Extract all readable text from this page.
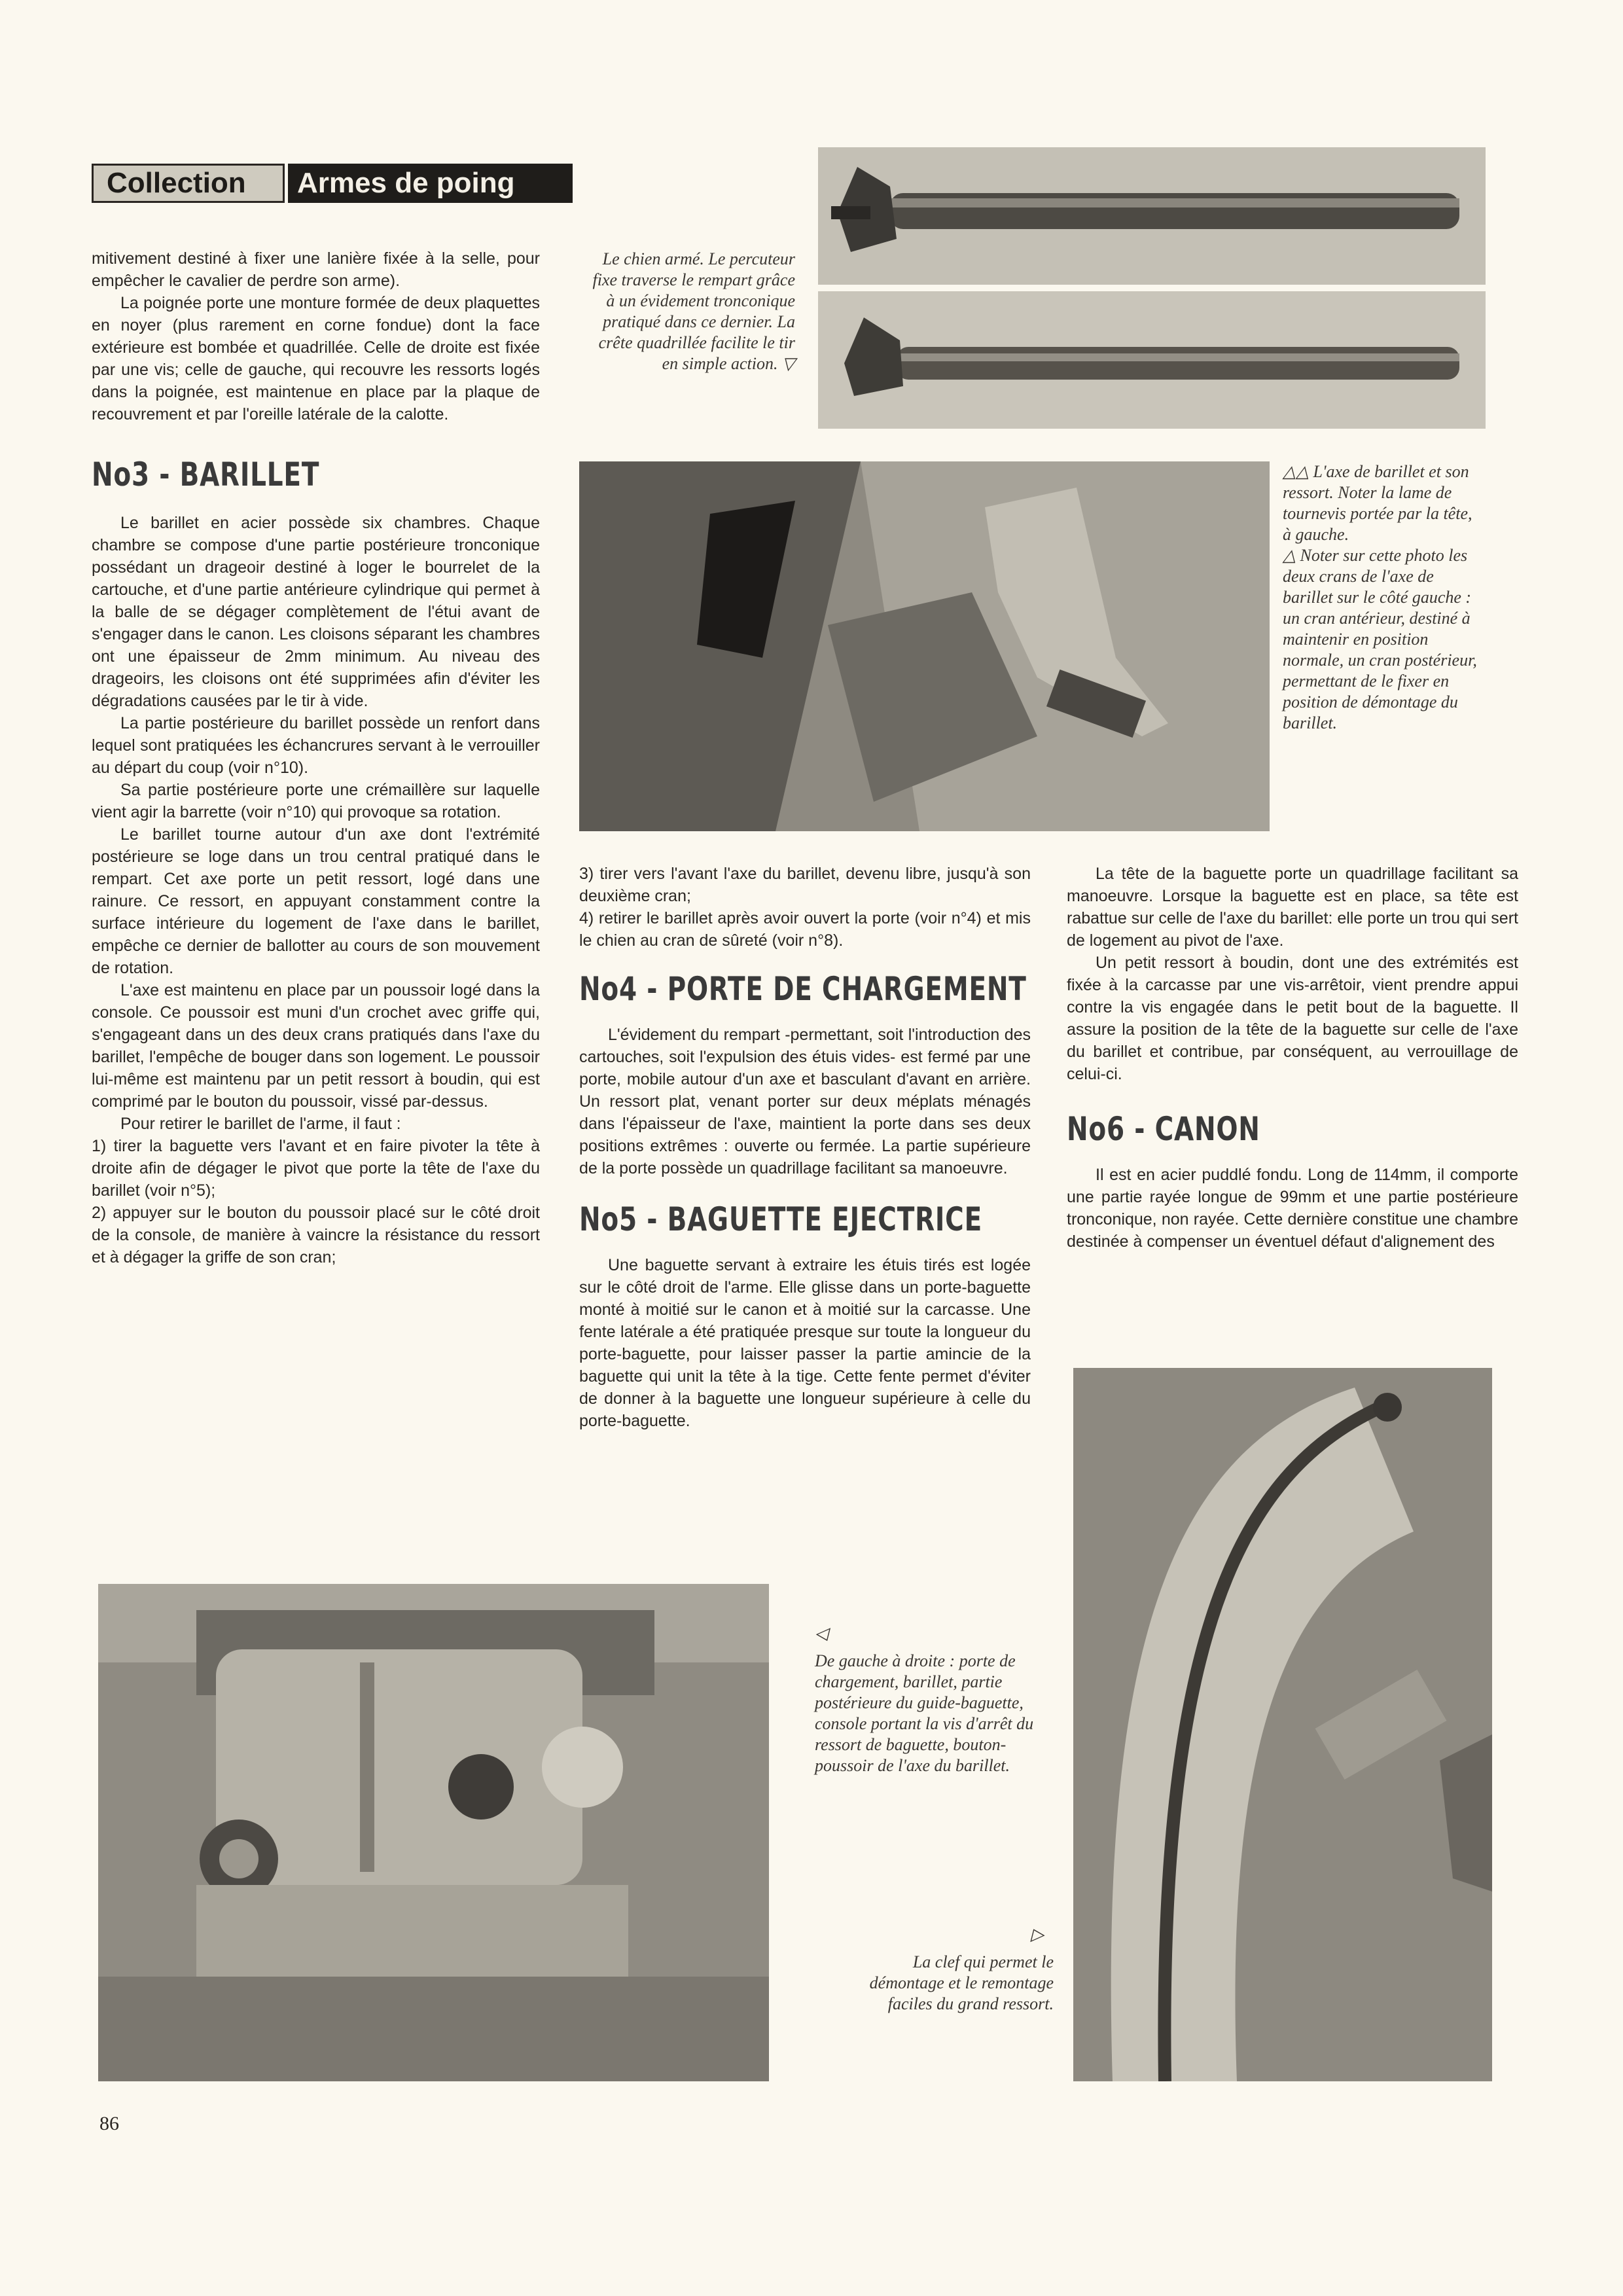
Collection	Armes de poing
△△ L'axe de barillet et son ressort. Noter la lame de tournevis portée par la tête, à gauche.
△ Noter sur cette photo les deux crans de l'axe de barillet sur le côté gauche : un cran antérieur, destiné à maintenir en position normale, un cran postérieur, permettant de le fixer en position de démontage du barillet.
Le chien armé. Le percuteur fixe traverse le rempart grâce à un évidement tronconique pratiqué dans ce dernier. La crête quadrillée facilite le tir en simple action. ▽

mitivement destiné à fixer une lanière fixée à la selle, pour empêcher le cavalier de perdre son arme).

La poignée porte une monture formée de deux plaquettes en noyer (plus rarement en corne fondue) dont la face extérieure est bombée et quadrillée. Celle de droite est fixée par une vis; celle de gauche, qui recouvre les ressorts logés dans la poignée, est maintenue en place par la plaque de recouvrement et par l'oreille latérale de la calotte.

No3 - BARILLET

Le barillet en acier possède six chambres. Chaque chambre se compose d'une partie postérieure tronconique possédant un drageoir destiné à loger le bourrelet de la cartouche, et d'une partie antérieure cylindrique qui permet à la balle de se dégager complètement de l'étui avant de s'engager dans le canon. Les cloisons séparant les chambres ont une épaisseur de 2mm minimum. Au niveau des drageoirs, les cloisons ont été supprimées afin d'éviter les dégradations causées par le tir à vide.

La partie postérieure du barillet possède un renfort dans lequel sont pratiquées les échancrures servant à le verrouiller au départ du coup (voir n°10).

Sa partie postérieure porte une crémaillère sur laquelle vient agir la barrette (voir n°10) qui provoque sa rotation.

Le barillet tourne autour d'un axe dont l'extrémité postérieure se loge dans un trou central pratiqué dans le rempart. Cet axe porte un petit ressort, logé dans une rainure. Ce ressort, en appuyant constamment contre la surface intérieure du logement de l'axe dans le barillet, empêche ce dernier de ballotter au cours de son mouvement de rotation.

L'axe est maintenu en place par un poussoir logé dans la console. Ce poussoir est muni d'un crochet avec griffe qui, s'engageant dans un des deux crans pratiqués dans l'axe du barillet, l'empêche de bouger dans son logement. Le poussoir lui-même est maintenu par un petit ressort à boudin, qui est comprimé par le bouton du poussoir, vissé par-dessus.

Pour retirer le barillet de l'arme, il faut :

1) tirer la baguette vers l'avant et en faire pivoter la tête à droite afin de dégager le pivot que porte la tête de l'axe du barillet (voir n°5);

2) appuyer sur le bouton du poussoir placé sur le côté droit de la console, de manière à vaincre la résistance du ressort et à dégager la griffe de son cran;

3) tirer vers l'avant l'axe du barillet, devenu libre, jusqu'à son deuxième cran;

4) retirer le barillet après avoir ouvert la porte (voir n°4) et mis le chien au cran de sûreté (voir n°8).

No4 - PORTE DE CHARGEMENT

L'évidement du rempart -permettant, soit l'introduction des cartouches, soit l'expulsion des étuis vides- est fermé par une porte, mobile autour d'un axe et basculant d'avant en arrière. Un ressort plat, venant porter sur deux méplats ménagés dans l'épaisseur de l'axe, maintient la porte dans ses deux positions extrêmes : ouverte ou fermée. La partie supérieure de la porte possède un quadrillage facilitant sa manoeuvre.

No5 - BAGUETTE EJECTRICE

Une baguette servant à extraire les étuis tirés est logée sur le côté droit de l'arme. Elle glisse dans un porte-baguette monté à moitié sur le canon et à moitié sur la carcasse. Une fente latérale a été pratiquée presque sur toute la longueur du porte-baguette, pour laisser passer la partie amincie de la baguette qui unit la tête à la tige. Cette fente permet d'éviter de donner à la baguette une longueur supérieure à celle du porte-baguette.

La tête de la baguette porte un quadrillage facilitant sa manoeuvre. Lorsque la baguette est en place, sa tête est rabattue sur celle de l'axe du barillet: elle porte un trou qui sert de logement au pivot de l'axe.

Un petit ressort à boudin, dont une des extrémités est fixée à la carcasse par une vis-arrêtoir, vient prendre appui contre la vis engagée dans le petit bout de la baguette. Il assure la position de la tête de la baguette sur celle de l'axe du barillet et contribue, par conséquent, au verrouillage de celui-ci.

No6 - CANON

Il est en acier puddlé fondu. Long de 114mm, il comporte une partie rayée longue de 99mm et une partie postérieure tronconique, non rayée. Cette dernière constitue une chambre destinée à compenser un éventuel défaut d'alignement des

◁
De gauche à droite : porte de chargement, barillet, partie postérieure du guide-baguette, console portant la vis d'arrêt du ressort de baguette, bouton-poussoir de l'axe du barillet.
▷
La clef qui permet le démontage et le remontage faciles du grand ressort.
86
